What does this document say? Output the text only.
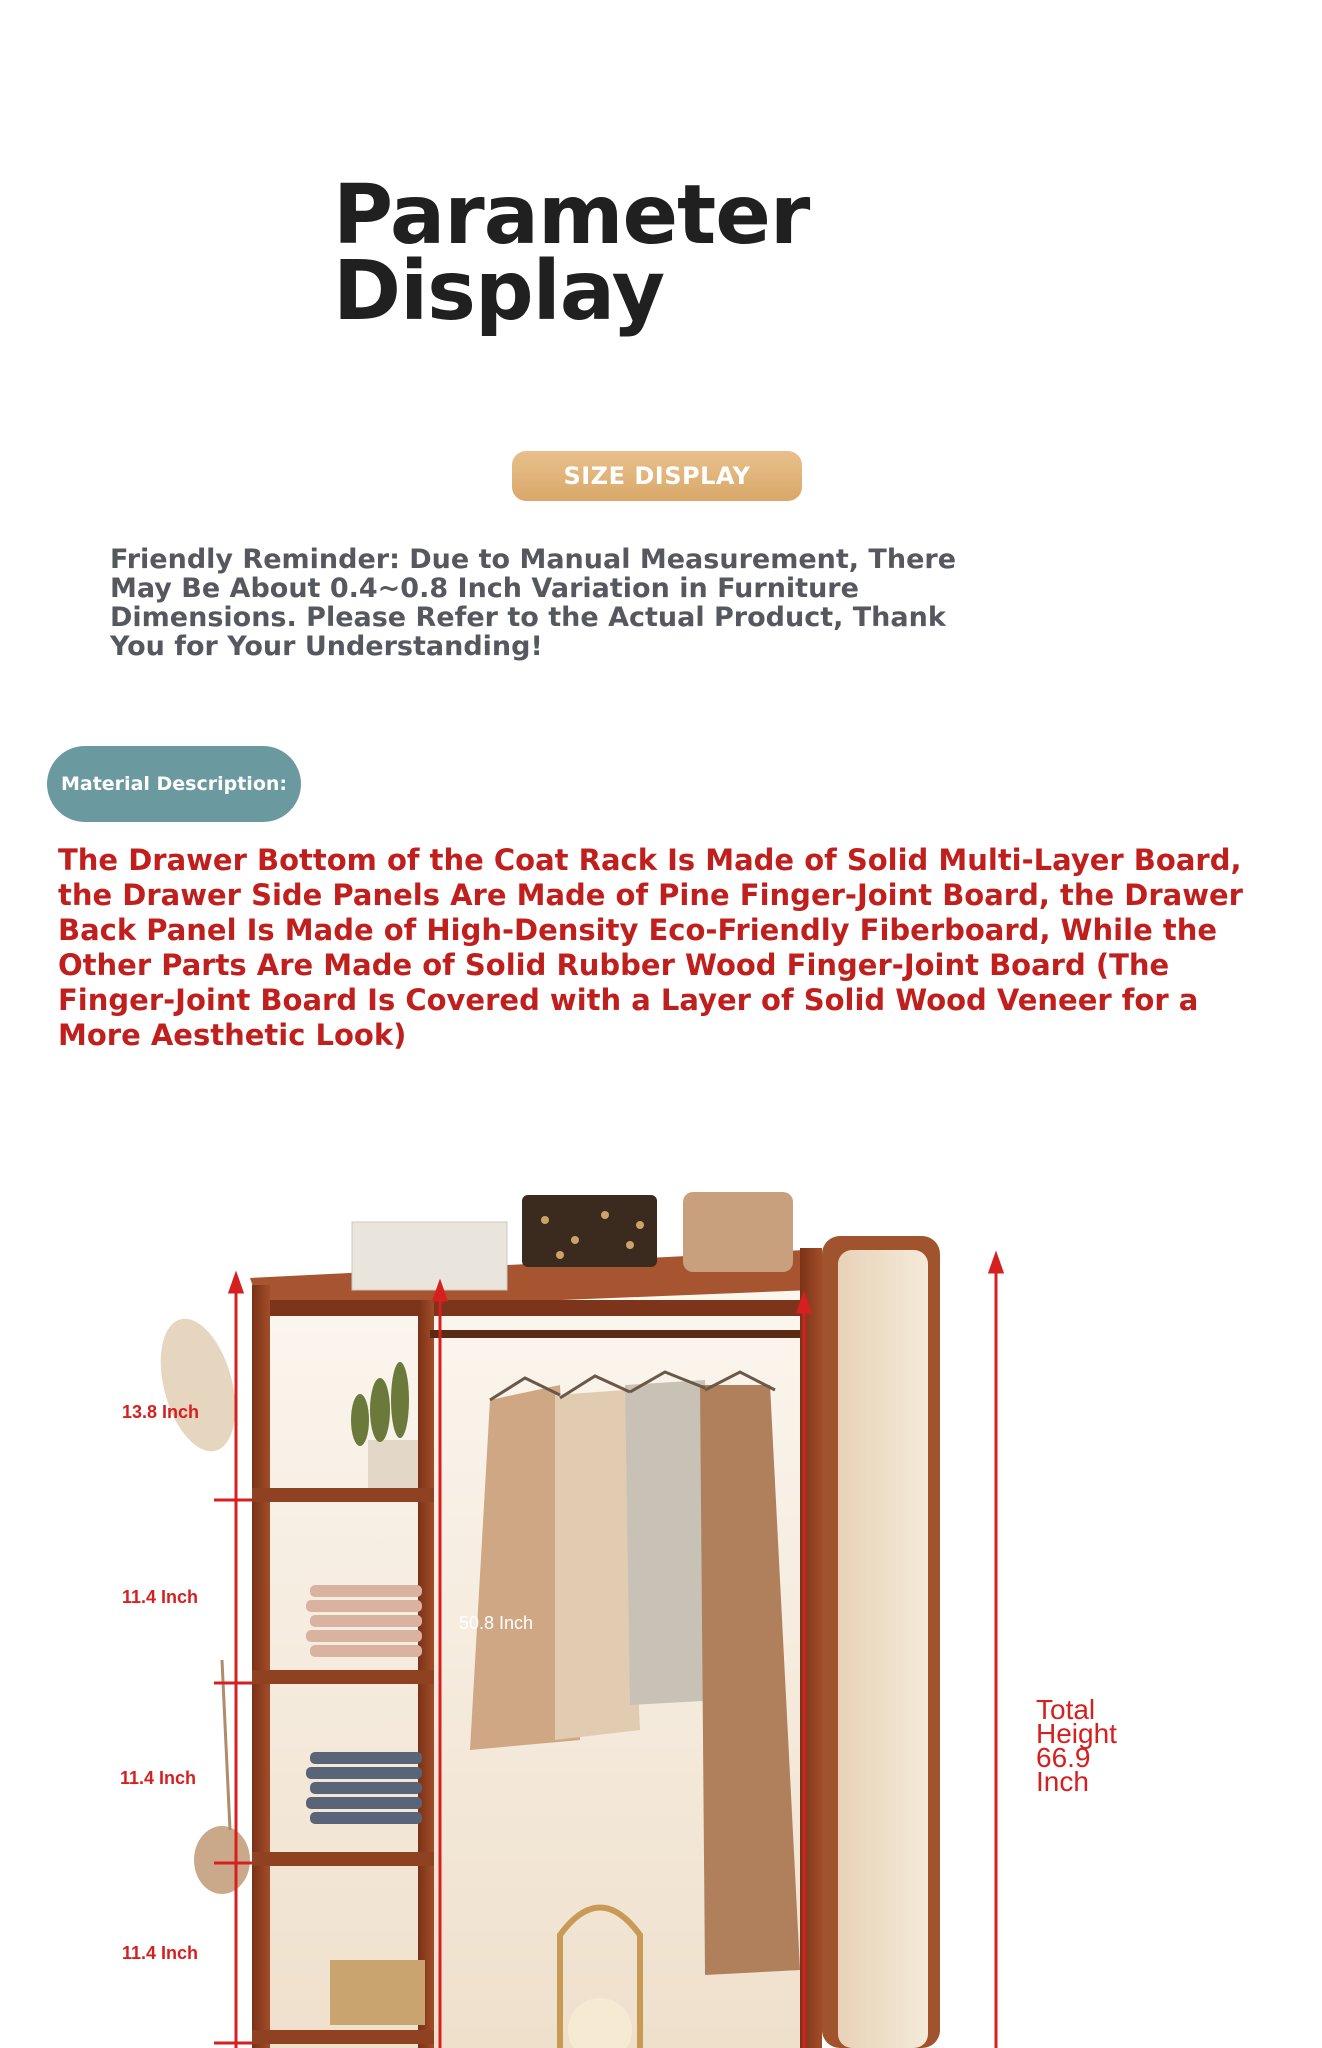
Parameter
Display
SIZE DISPLAY

Friendly Reminder: Due to Manual Measurement, There May Be About 0.4~0.8 Inch Variation in Furniture Dimensions. Please Refer to the Actual Product, Thank You for Your Understanding!

Material Description:

The Drawer Bottom of the Coat Rack Is Made of Solid Multi-Layer Board, the Drawer Side Panels Are Made of Pine Finger-Joint Board, the Drawer Back Panel Is Made of High-Density Eco-Friendly Fiberboard, While the Other Parts Are Made of Solid Rubber Wood Finger-Joint Board (The Finger-Joint Board Is Covered with a Layer of Solid Wood Veneer for a More Aesthetic Look)

13.8 Inch
11.4 Inch
11.4 Inch
11.4 Inch
50.8 Inch
Total
Height
66.9
Inch
